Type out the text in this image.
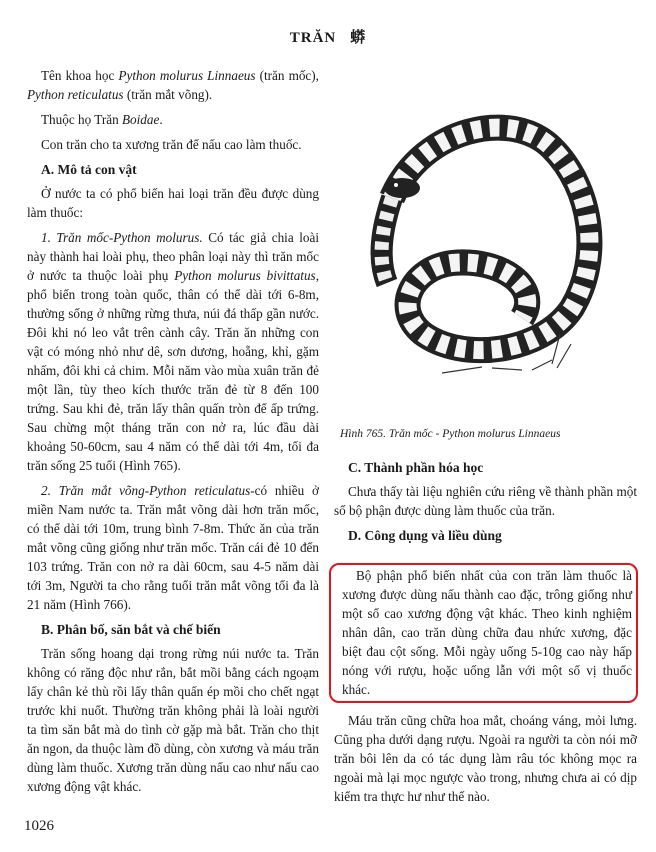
TRĂN 蟒

Tên khoa học Python molurus Linnaeus (trăn mốc), Python reticulatus (trăn mắt võng).

Thuộc họ Trăn Boidae.

Con trăn cho ta xương trăn để nấu cao làm thuốc.

A. Mô tả con vật

Ở nước ta có phổ biến hai loại trăn đều được dùng làm thuốc:

1. Trăn mốc-Python molurus. Có tác giả chia loài này thành hai loài phụ, theo phân loại này thì trăn mốc ở nước ta thuộc loài phụ Python molurus bivittatus, phổ biến trong toàn quốc, thân có thể dài tới 6-8m, thường sống ở những rừng thưa, núi đá thấp gần nước. Đôi khi nó leo vắt trên cành cây. Trăn ăn những con vật có móng nhỏ như dê, sơn dương, hoẵng, khỉ, gặm nhấm, đôi khi cả chim. Mỗi năm vào mùa xuân trăn đẻ một lần, tùy theo kích thước trăn đẻ từ 8 đến 100 trứng. Sau khi đẻ, trăn lấy thân quấn tròn để ấp trứng. Sau chừng một tháng trăn con nở ra, lúc đầu dài khoảng 50-60cm, sau 4 năm có thể dài tới 4m, tối đa trăn sống 25 tuổi (Hình 765).

2. Trăn mắt võng-Python reticulatus-có nhiều ở miền Nam nước ta. Trăn mắt võng dài hơn trăn mốc, có thể dài tới 10m, trung bình 7-8m. Thức ăn của trăn mắt võng cũng giống như trăn mốc. Trăn cái đẻ 10 đến 103 trứng. Trăn con nở ra dài 60cm, sau 4-5 năm dài tới 3m, Người ta cho rằng tuổi trăn mắt võng tối đa là 21 năm (Hình 766).

B. Phân bố, săn bắt và chế biến

Trăn sống hoang dại trong rừng núi nước ta. Trăn không có răng độc như rắn, bắt mồi bằng cách ngoạm lấy chân kẻ thù rồi lấy thân quấn ép mồi cho chết ngạt trước khi nuốt. Thường trăn không phải là loài người ta tìm săn bắt mà do tình cờ gặp mà bắt. Trăn cho thịt ăn ngon, da thuộc làm đồ dùng, còn xương và máu trăn dùng làm thuốc. Xương trăn dùng nấu cao như nấu cao xương động vật khác.

Hình 765. Trăn mốc - Python molurus Linnaeus
C. Thành phần hóa học

Chưa thấy tài liệu nghiên cứu riêng về thành phần một số bộ phận được dùng làm thuốc của trăn.

D. Công dụng và liều dùng
Bộ phận phổ biến nhất của con trăn làm thuốc là xương được dùng nấu thành cao đặc, trông giống như một số cao xương động vật khác. Theo kinh nghiệm nhân dân, cao trăn dùng chữa đau nhức xương, đặc biệt đau cột sống. Mỗi ngày uống 5-10g cao này hấp nóng với rượu, hoặc uống lẫn với một số vị thuốc khác.
Máu trăn cũng chữa hoa mắt, choáng váng, mỏi lưng. Cũng pha dưới dạng rượu. Ngoài ra người ta còn nói mỡ trăn bôi lên da có tác dụng làm râu tóc không mọc ra ngoài mà lại mọc ngược vào trong, nhưng chưa ai có dịp kiểm tra thực hư như thế nào.
1026
